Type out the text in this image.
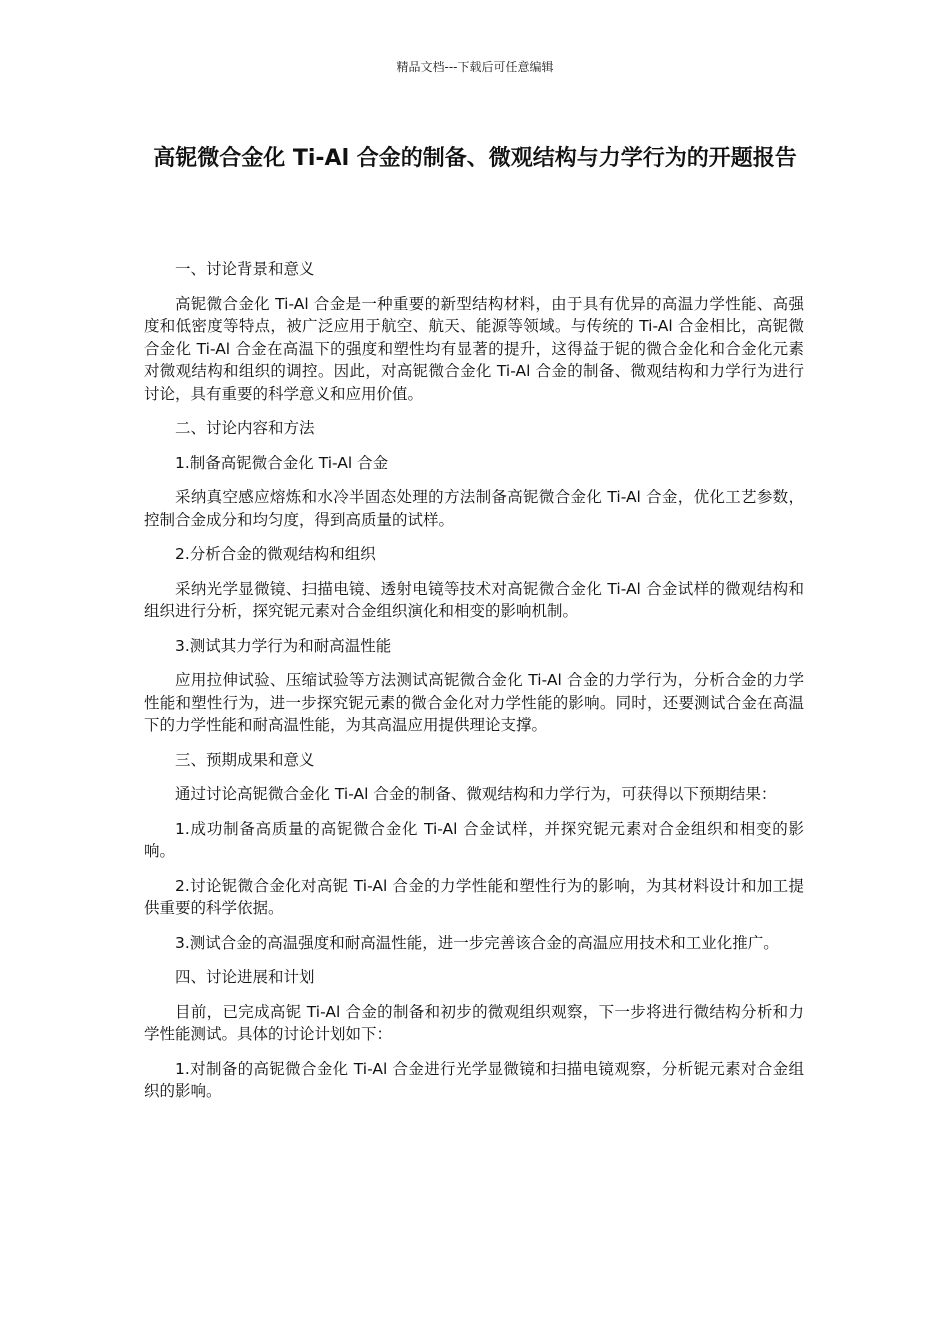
精品文档---下载后可任意编辑
高铌微合金化 Ti-Al 合金的制备、微观结构与力学行为的开题报告

一、讨论背景和意义

高铌微合金化 Ti-Al 合金是一种重要的新型结构材料，由于具有优异的高温力学性能、高强度和低密度等特点，被广泛应用于航空、航天、能源等领域。与传统的 Ti-Al 合金相比，高铌微合金化 Ti-Al 合金在高温下的强度和塑性均有显著的提升，这得益于铌的微合金化和合金化元素对微观结构和组织的调控。因此，对高铌微合金化 Ti-Al 合金的制备、微观结构和力学行为进行讨论，具有重要的科学意义和应用价值。

二、讨论内容和方法

1.制备高铌微合金化 Ti-Al 合金

采纳真空感应熔炼和水冷半固态处理的方法制备高铌微合金化 Ti-Al 合金，优化工艺参数，控制合金成分和均匀度，得到高质量的试样。

2.分析合金的微观结构和组织

采纳光学显微镜、扫描电镜、透射电镜等技术对高铌微合金化 Ti-Al 合金试样的微观结构和组织进行分析，探究铌元素对合金组织演化和相变的影响机制。

3.测试其力学行为和耐高温性能

应用拉伸试验、压缩试验等方法测试高铌微合金化 Ti-Al 合金的力学行为，分析合金的力学性能和塑性行为，进一步探究铌元素的微合金化对力学性能的影响。同时，还要测试合金在高温下的力学性能和耐高温性能，为其高温应用提供理论支撑。

三、预期成果和意义

通过讨论高铌微合金化 Ti-Al 合金的制备、微观结构和力学行为，可获得以下预期结果：

1.成功制备高质量的高铌微合金化 Ti-Al 合金试样，并探究铌元素对合金组织和相变的影响。

2.讨论铌微合金化对高铌 Ti-Al 合金的力学性能和塑性行为的影响，为其材料设计和加工提供重要的科学依据。

3.测试合金的高温强度和耐高温性能，进一步完善该合金的高温应用技术和工业化推广。

四、讨论进展和计划

目前，已完成高铌 Ti-Al 合金的制备和初步的微观组织观察，下一步将进行微结构分析和力学性能测试。具体的讨论计划如下：

1.对制备的高铌微合金化 Ti-Al 合金进行光学显微镜和扫描电镜观察，分析铌元素对合金组织的影响。
